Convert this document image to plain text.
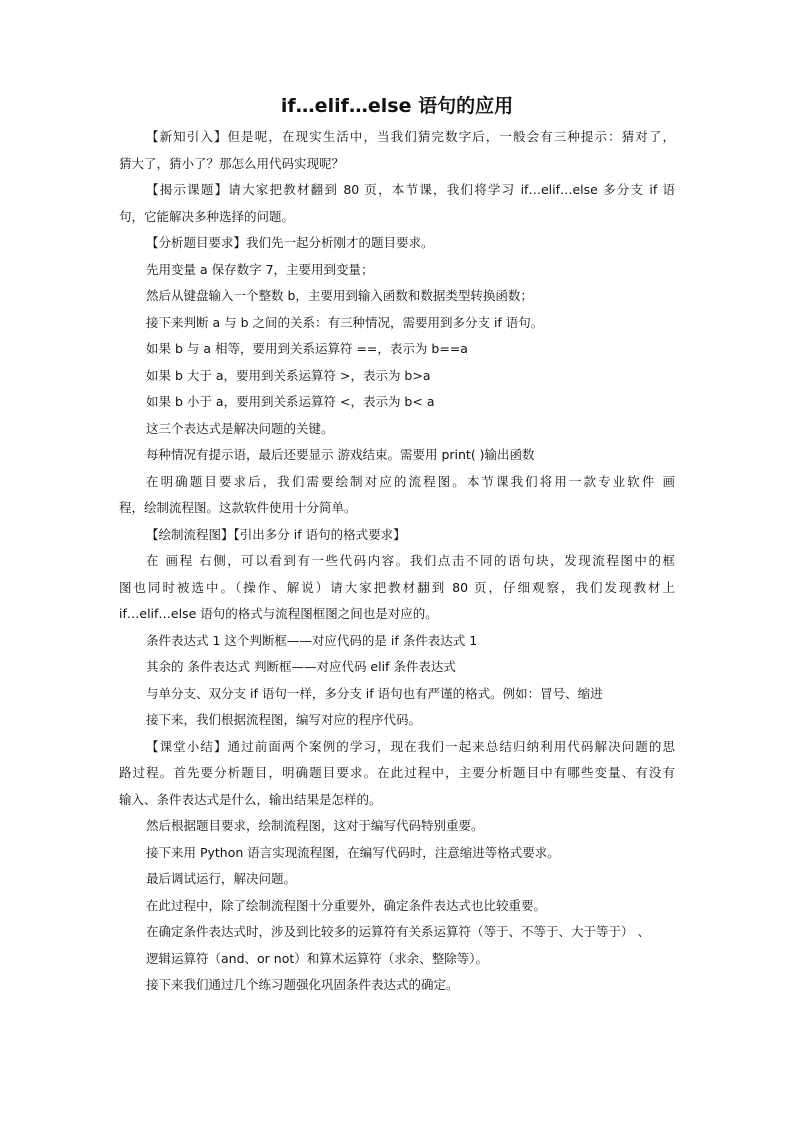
if…elif…else 语句的应用
【新知引入】但是呢，在现实生活中，当我们猜完数字后，一般会有三种提示：猜对了，
猜大了，猜小了？那怎么用代码实现呢？
【揭示课题】请大家把教材翻到 80 页，本节课，我们将学习 if…elif…else 多分支 if 语
句，它能解决多种选择的问题。
【分析题目要求】我们先一起分析刚才的题目要求。
先用变量 a 保存数字 7，主要用到变量；
然后从键盘输入一个整数 b，主要用到输入函数和数据类型转换函数；
接下来判断 a 与 b 之间的关系：有三种情况，需要用到多分支 if 语句。
如果 b 与 a 相等，要用到关系运算符 ==，表示为 b==a
如果 b 大于 a，要用到关系运算符 >，表示为 b>a
如果 b 小于 a，要用到关系运算符 <，表示为 b< a
这三个表达式是解决问题的关键。
每种情况有提示语，最后还要显示 游戏结束。需要用 print( )输出函数
在明确题目要求后，我们需要绘制对应的流程图。本节课我们将用一款专业软件 画
程，绘制流程图。这款软件使用十分简单。
【绘制流程图】【引出多分 if 语句的格式要求】
在 画程 右侧，可以看到有一些代码内容。我们点击不同的语句块，发现流程图中的框
图也同时被选中。（操作、解说）请大家把教材翻到 80 页，仔细观察，我们发现教材上
if…elif…else 语句的格式与流程图框图之间也是对应的。
条件表达式 1 这个判断框——对应代码的是 if 条件表达式 1
其余的 条件表达式 判断框——对应代码 elif 条件表达式
与单分支、双分支 if 语句一样，多分支 if 语句也有严谨的格式。例如：冒号、缩进
接下来，我们根据流程图，编写对应的程序代码。
【课堂小结】通过前面两个案例的学习，现在我们一起来总结归纳利用代码解决问题的思
路过程。首先要分析题目，明确题目要求。在此过程中，主要分析题目中有哪些变量、有没有
输入、条件表达式是什么，输出结果是怎样的。
然后根据题目要求，绘制流程图，这对于编写代码特别重要。
接下来用 Python 语言实现流程图，在编写代码时，注意缩进等格式要求。
最后调试运行，解决问题。
在此过程中，除了绘制流程图十分重要外，确定条件表达式也比较重要。
在确定条件表达式时，涉及到比较多的运算符有关系运算符（等于、不等于、大于等于） 、
逻辑运算符（and、or not）和算术运算符（求余、整除等）。
接下来我们通过几个练习题强化巩固条件表达式的确定。
